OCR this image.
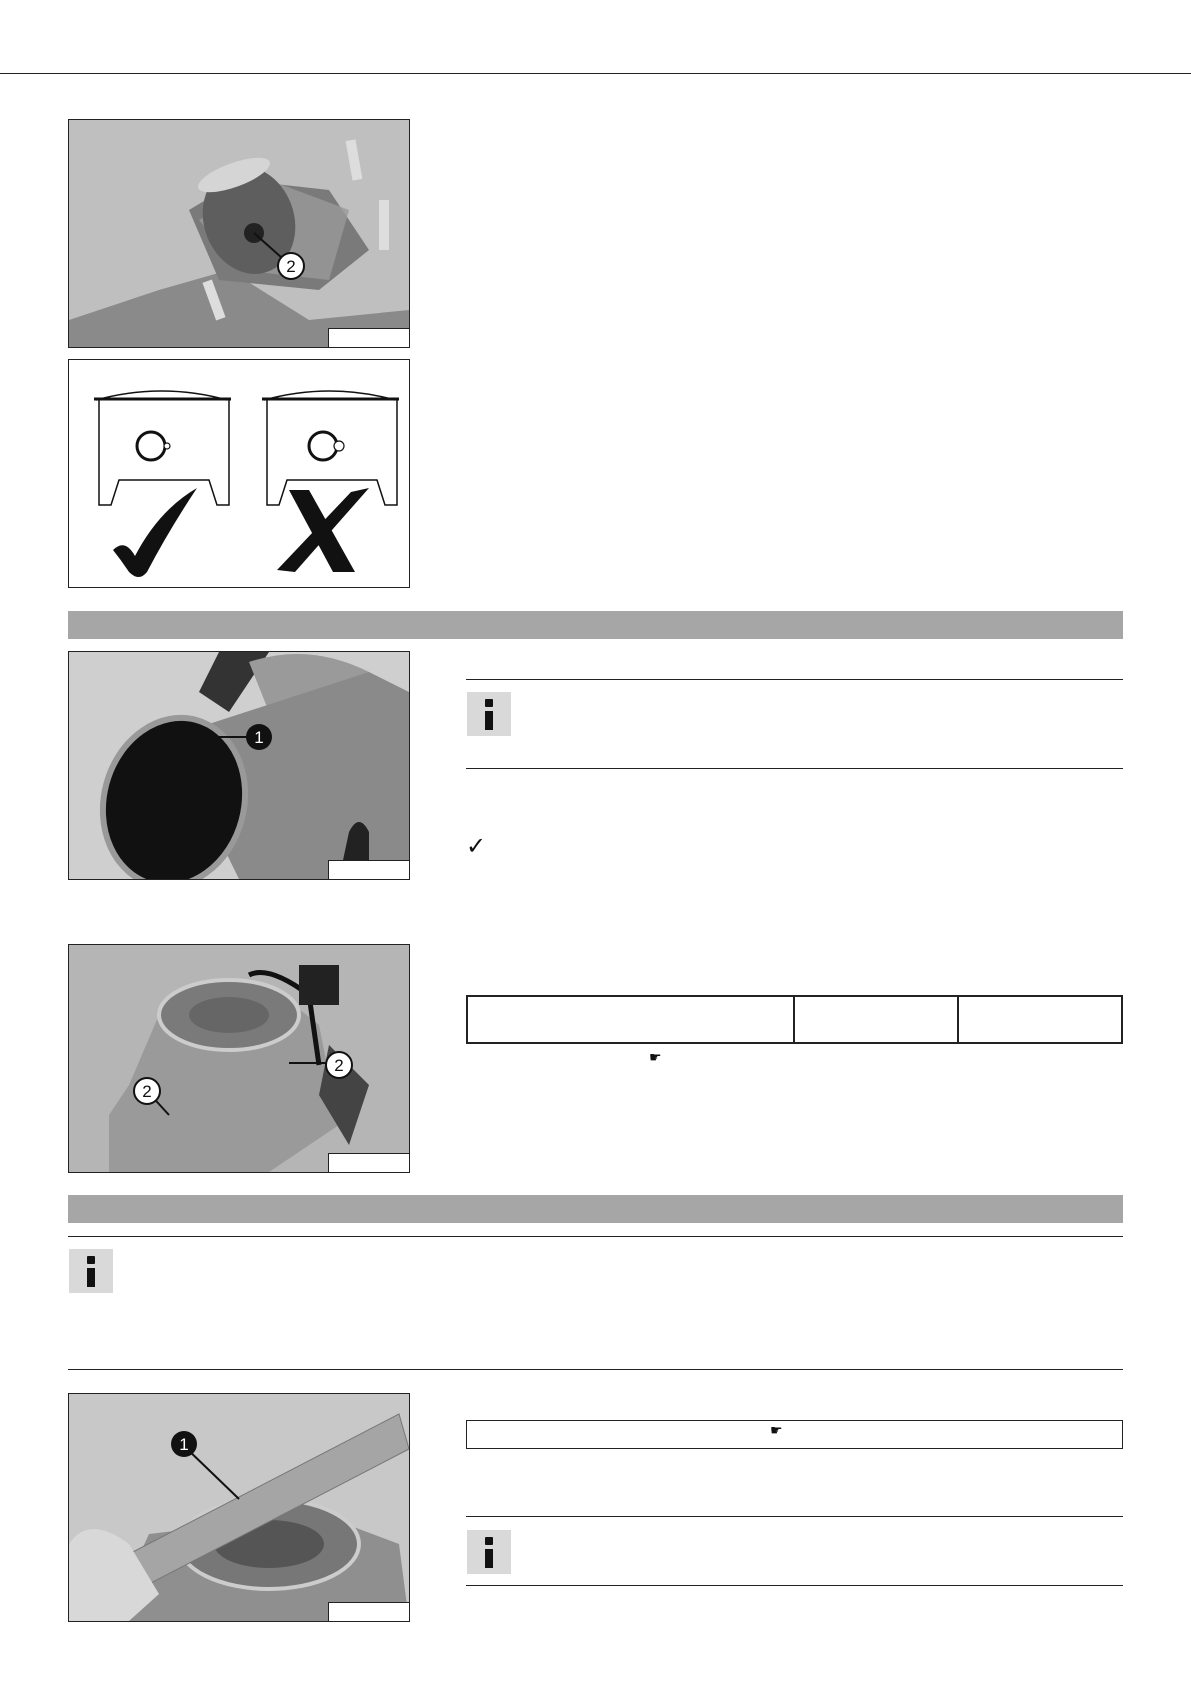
2
1
✓
2
2

☛
1
☛
